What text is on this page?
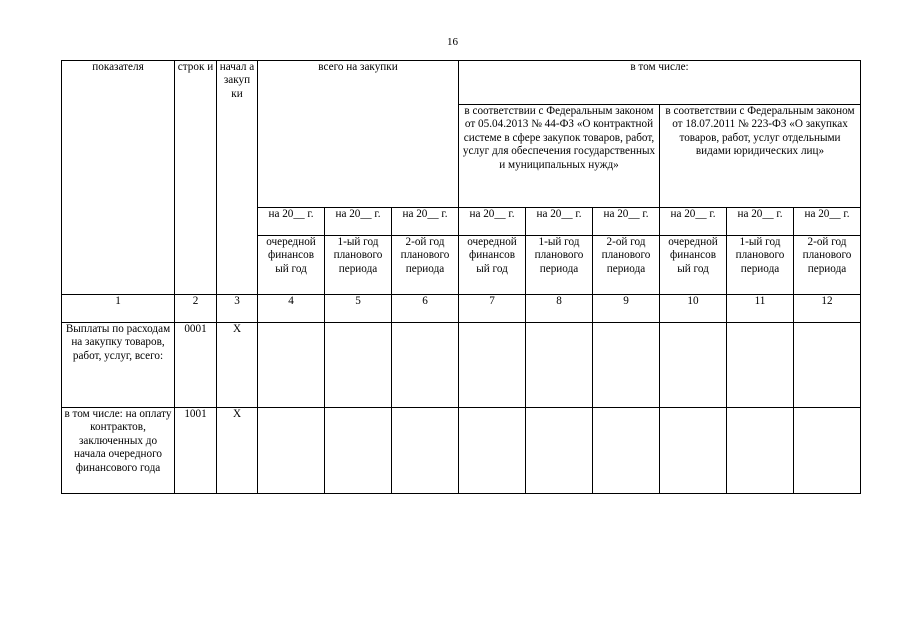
16
показателя	строк и	начал а закуп ки	всего на закупки			в том числе:					
						в соответствии с Федеральным законом от 05.04.2013 № 44-ФЗ «О контрактной системе в сфере закупок товаров, работ, услуг для обеспечения государственных и муниципальных нужд»			в соответствии с Федеральным законом от 18.07.2011 № 223-ФЗ «О закупках товаров, работ, услуг отдельными видами юридических лиц»		
			на 20__ г.	на 20__ г.	на 20__ г.	на 20__ г.	на 20__ г.	на 20__ г.	на 20__ г.	на 20__ г.	на 20__ г.
			очередной финансов ый год	1-ый год планового периода	2-ой год планового периода	очередной финансов ый год	1-ый год планового периода	2-ой год планового периода	очередной финансов ый год	1-ый год планового периода	2-ой год планового периода
1	2	3	4	5	6	7	8	9	10	11	12
Выплаты по расходам на закупку товаров, работ, услуг, всего:	0001	X									
в том числе: на оплату контрактов, заключенных до начала очередного финансового года	1001	X									
